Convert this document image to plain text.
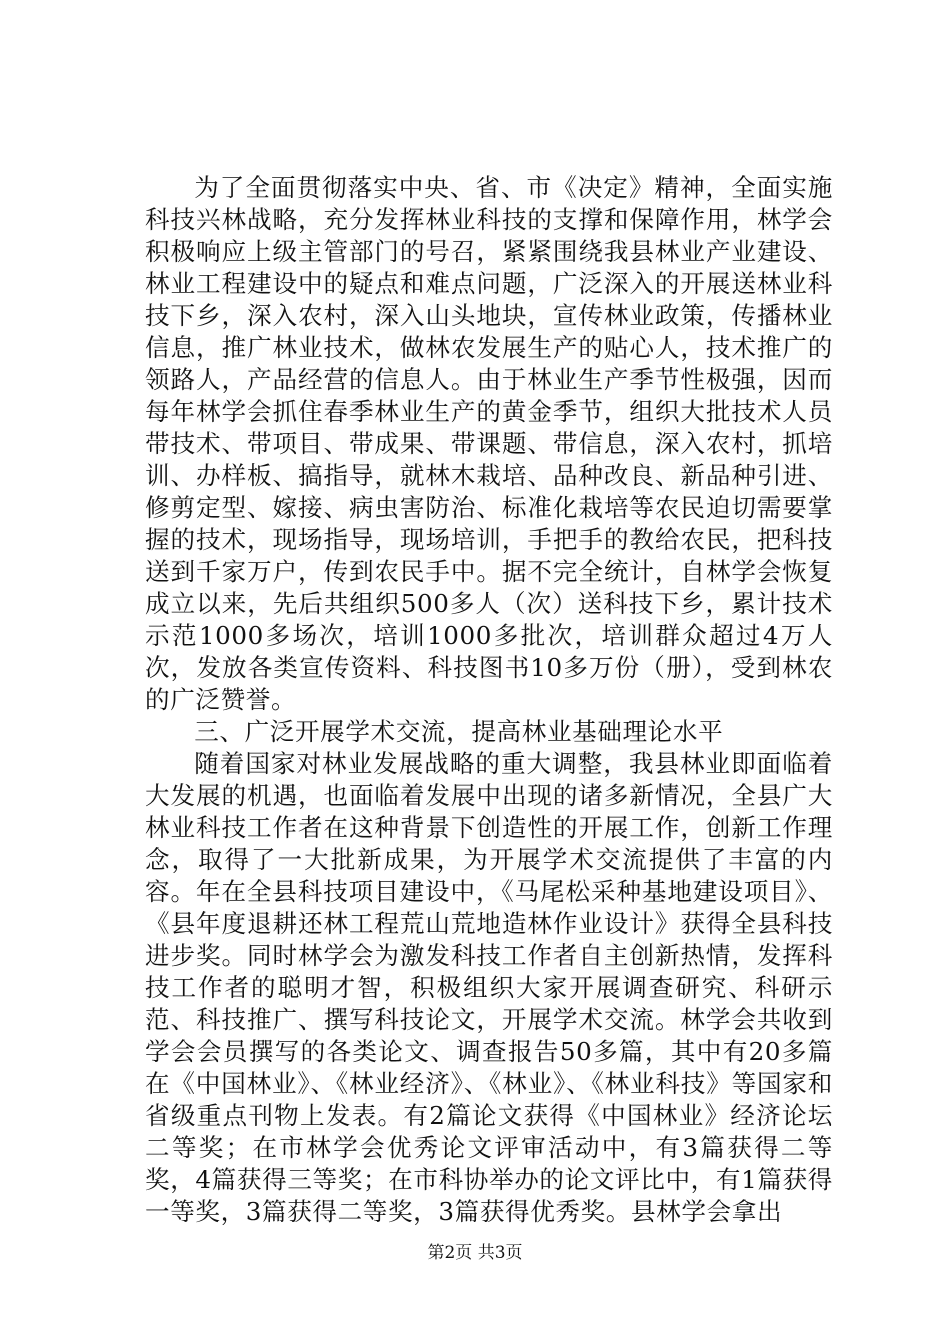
为了全面贯彻落实中央、省、市《决定》精神，全面实施科技兴林战略，充分发挥林业科技的支撑和保障作用，林学会积极响应上级主管部门的号召，紧紧围绕我县林业产业建设、林业工程建设中的疑点和难点问题，广泛深入的开展送林业科技下乡，深入农村，深入山头地块，宣传林业政策，传播林业信息，推广林业技术，做林农发展生产的贴心人，技术推广的领路人，产品经营的信息人。由于林业生产季节性极强，因而每年林学会抓住春季林业生产的黄金季节，组织大批技术人员带技术、带项目、带成果、带课题、带信息，深入农村，抓培训、办样板、搞指导，就林木栽培、品种改良、新品种引进、修剪定型、嫁接、病虫害防治、标准化栽培等农民迫切需要掌握的技术，现场指导，现场培训，手把手的教给农民，把科技送到千家万户，传到农民手中。据不完全统计，自林学会恢复成立以来，先后共组织500多人（次）送科技下乡，累计技术示范1000多场次，培训1000多批次，培训群众超过4万人次，发放各类宣传资料、科技图书10多万份（册），受到林农的广泛赞誉。

三、广泛开展学术交流，提高林业基础理论水平

随着国家对林业发展战略的重大调整，我县林业即面临着大发展的机遇，也面临着发展中出现的诸多新情况，全县广大林业科技工作者在这种背景下创造性的开展工作，创新工作理念，取得了一大批新成果，为开展学术交流提供了丰富的内容。年在全县科技项目建设中，《马尾松采种基地建设项目》、《县年度退耕还林工程荒山荒地造林作业设计》获得全县科技进步奖。同时林学会为激发科技工作者自主创新热情，发挥科技工作者的聪明才智，积极组织大家开展调查研究、科研示范、科技推广、撰写科技论文，开展学术交流。林学会共收到学会会员撰写的各类论文、调查报告50多篇，其中有20多篇在《中国林业》、《林业经济》、《林业》、《林业科技》等国家和省级重点刊物上发表。有2篇论文获得《中国林业》经济论坛二等奖；在市林学会优秀论文评审活动中，有3篇获得二等奖，4篇获得三等奖；在市科协举办的论文评比中，有1篇获得一等奖，3篇获得二等奖，3篇获得优秀奖。县林学会拿出

第2页 共3页
